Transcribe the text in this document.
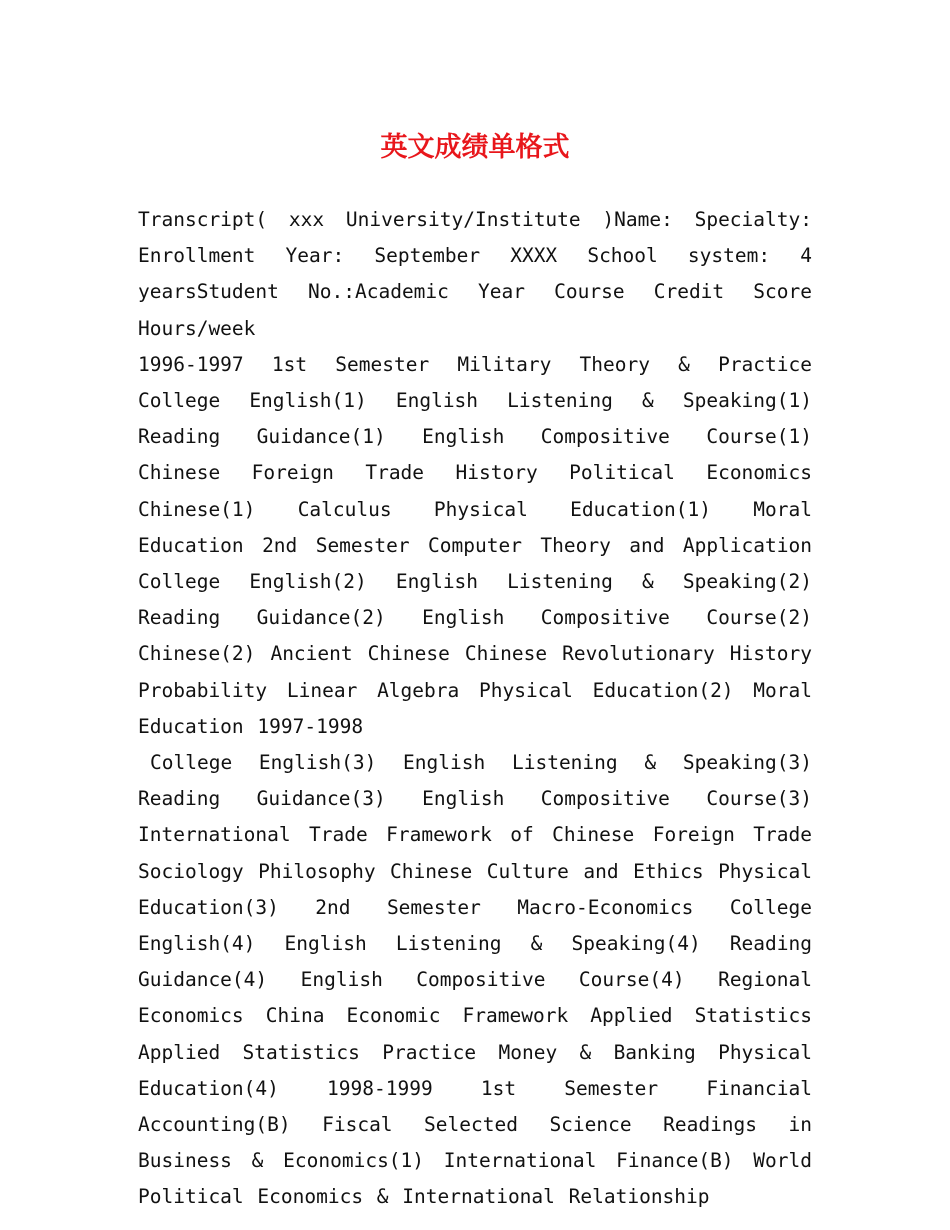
英文成绩单格式

Transcript( xxx University/Institute )Name: Specialty: Enrollment Year: September XXXX School system: 4 yearsStudent No.:Academic Year Course Credit Score Hours/week

1996-1997 1st Semester Military Theory & Practice College English(1) English Listening & Speaking(1) Reading Guidance(1) English Compositive Course(1) Chinese Foreign Trade History Political Economics Chinese(1) Calculus Physical Education(1) Moral Education 2nd Semester Computer Theory and Application College English(2) English Listening & Speaking(2) Reading Guidance(2) English Compositive Course(2) Chinese(2) Ancient Chinese Chinese Revolutionary History Probability Linear Algebra Physical Education(2) Moral Education 1997-1998

College English(3) English Listening & Speaking(3) Reading Guidance(3) English Compositive Course(3) International Trade Framework of Chinese Foreign Trade Sociology Philosophy Chinese Culture and Ethics Physical Education(3) 2nd Semester Macro-Economics College English(4) English Listening & Speaking(4) Reading Guidance(4) English Compositive Course(4) Regional Economics China Economic Framework Applied Statistics Applied Statistics Practice Money & Banking Physical Education(4) 1998-1999 1st Semester Financial Accounting(B) Fiscal Selected Science Readings in Business & Economics(1) International Finance(B) World Political Economics & International Relationship
